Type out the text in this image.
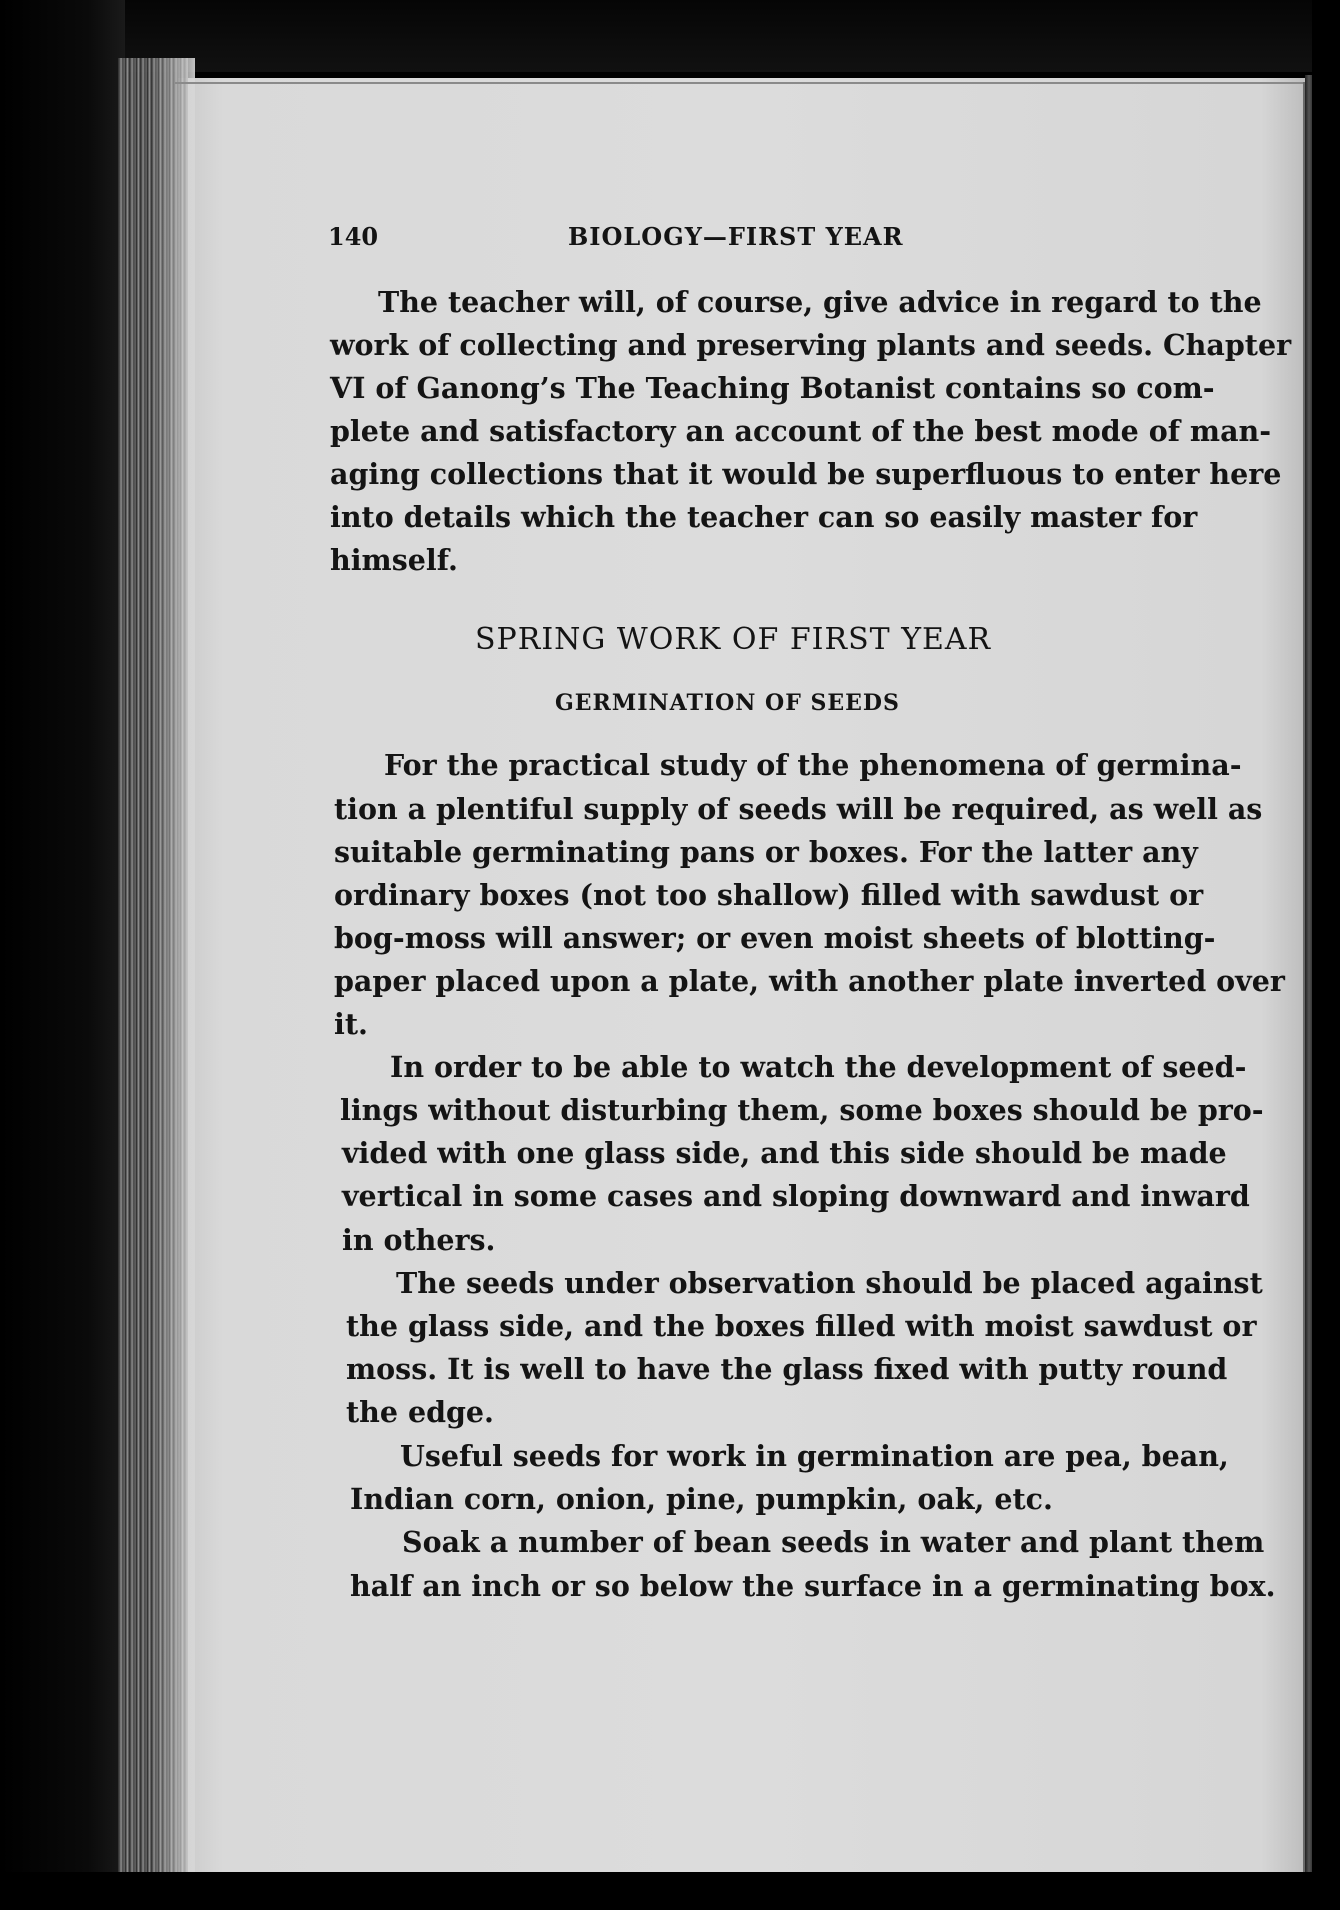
140	BIOLOGY—FIRST YEAR
The teacher will, of course, give advice in regard to the
work of collecting and preserving plants and seeds. Chapter
VI of Ganong’s The Teaching Botanist contains so com-
plete and satisfactory an account of the best mode of man-
aging collections that it would be superfluous to enter here
into details which the teacher can so easily master for
himself.
SPRING WORK OF FIRST YEAR
GERMINATION OF SEEDS
For the practical study of the phenomena of germina-
tion a plentiful supply of seeds will be required, as well as
suitable germinating pans or boxes. For the latter any
ordinary boxes (not too shallow) filled with sawdust or
bog-moss will answer; or even moist sheets of blotting-
paper placed upon a plate, with another plate inverted over
it.
In order to be able to watch the development of seed-
lings without disturbing them, some boxes should be pro-
vided with one glass side, and this side should be made
vertical in some cases and sloping downward and inward
in others.
The seeds under observation should be placed against
the glass side, and the boxes filled with moist sawdust or
moss. It is well to have the glass fixed with putty round
the edge.
Useful seeds for work in germination are pea, bean,
Indian corn, onion, pine, pumpkin, oak, etc.
Soak a number of bean seeds in water and plant them
half an inch or so below the surface in a germinating box.
